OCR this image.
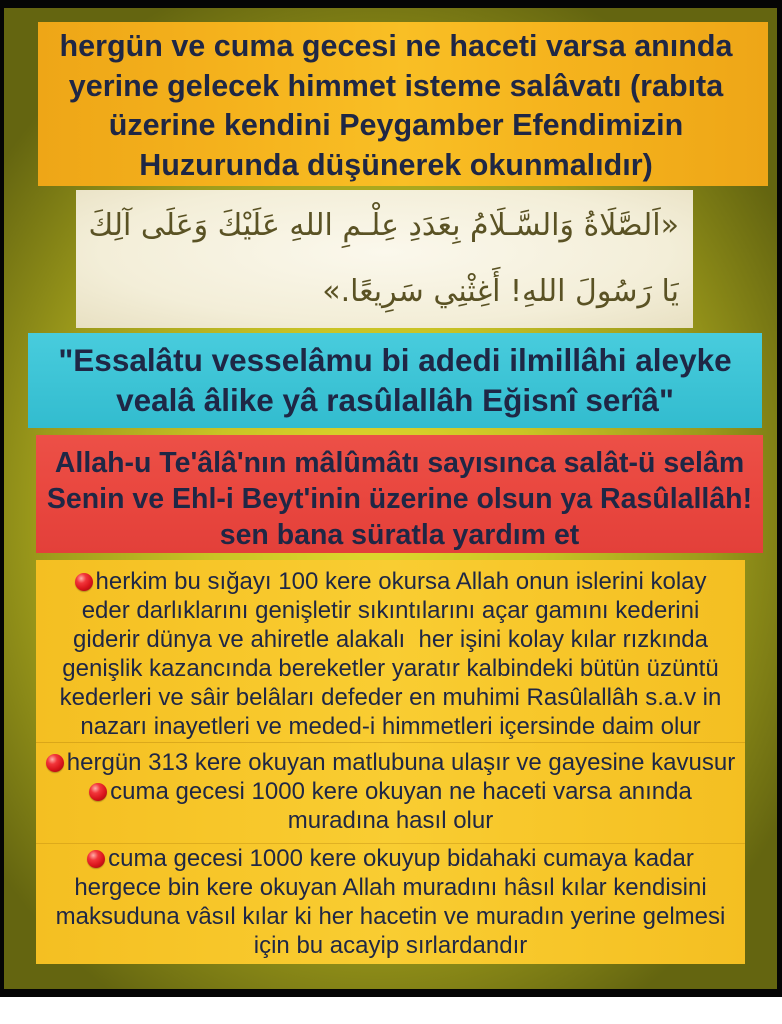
hergün ve cuma gecesi ne haceti varsa anında
yerine gelecek himmet isteme salâvatı (rabıta
üzerine kendini Peygamber Efendimizin
Huzurunda düşünerek okunmalıdır)
«اَلصَّلَاةُ وَالسَّـلَامُ بِعَدَدِ عِلْـمِ اللهِ عَلَيْكَ وَعَلَى آلِكَ
يَا رَسُولَ اللهِ! أَغِثْنِي سَرِيعًا.»
"Essalâtu vesselâmu bi adedi ilmillâhi aleyke
vealâ âlike yâ rasûlallâh Eğisnî serîâ"
Allah-u Te'âlâ'nın mâlûmâtı sayısınca salât-ü selâm
Senin ve Ehl-i Beyt'inin üzerine olsun ya Rasûlallâh!
sen bana süratla yardım et
herkim bu sığayı 100 kere okursa Allah onun islerini kolay
eder darlıklarını genişletir sıkıntılarını açar gamını kederini
giderir dünya ve ahiretle alakalı  her işini kolay kılar rızkında
genişlik kazancında bereketler yaratır kalbindeki bütün üzüntü
kederleri ve sâir belâları defeder en muhimi Rasûlallâh s.a.v in
nazarı inayetleri ve meded-i himmetleri içersinde daim olur
hergün 313 kere okuyan matlubuna ulaşır ve gayesine kavusur
cuma gecesi 1000 kere okuyan ne haceti varsa anında
muradına hasıl olur
cuma gecesi 1000 kere okuyup bidahaki cumaya kadar
hergece bin kere okuyan Allah muradını hâsıl kılar kendisini
maksuduna vâsıl kılar ki her hacetin ve muradın yerine gelmesi
için bu acayip sırlardandır
